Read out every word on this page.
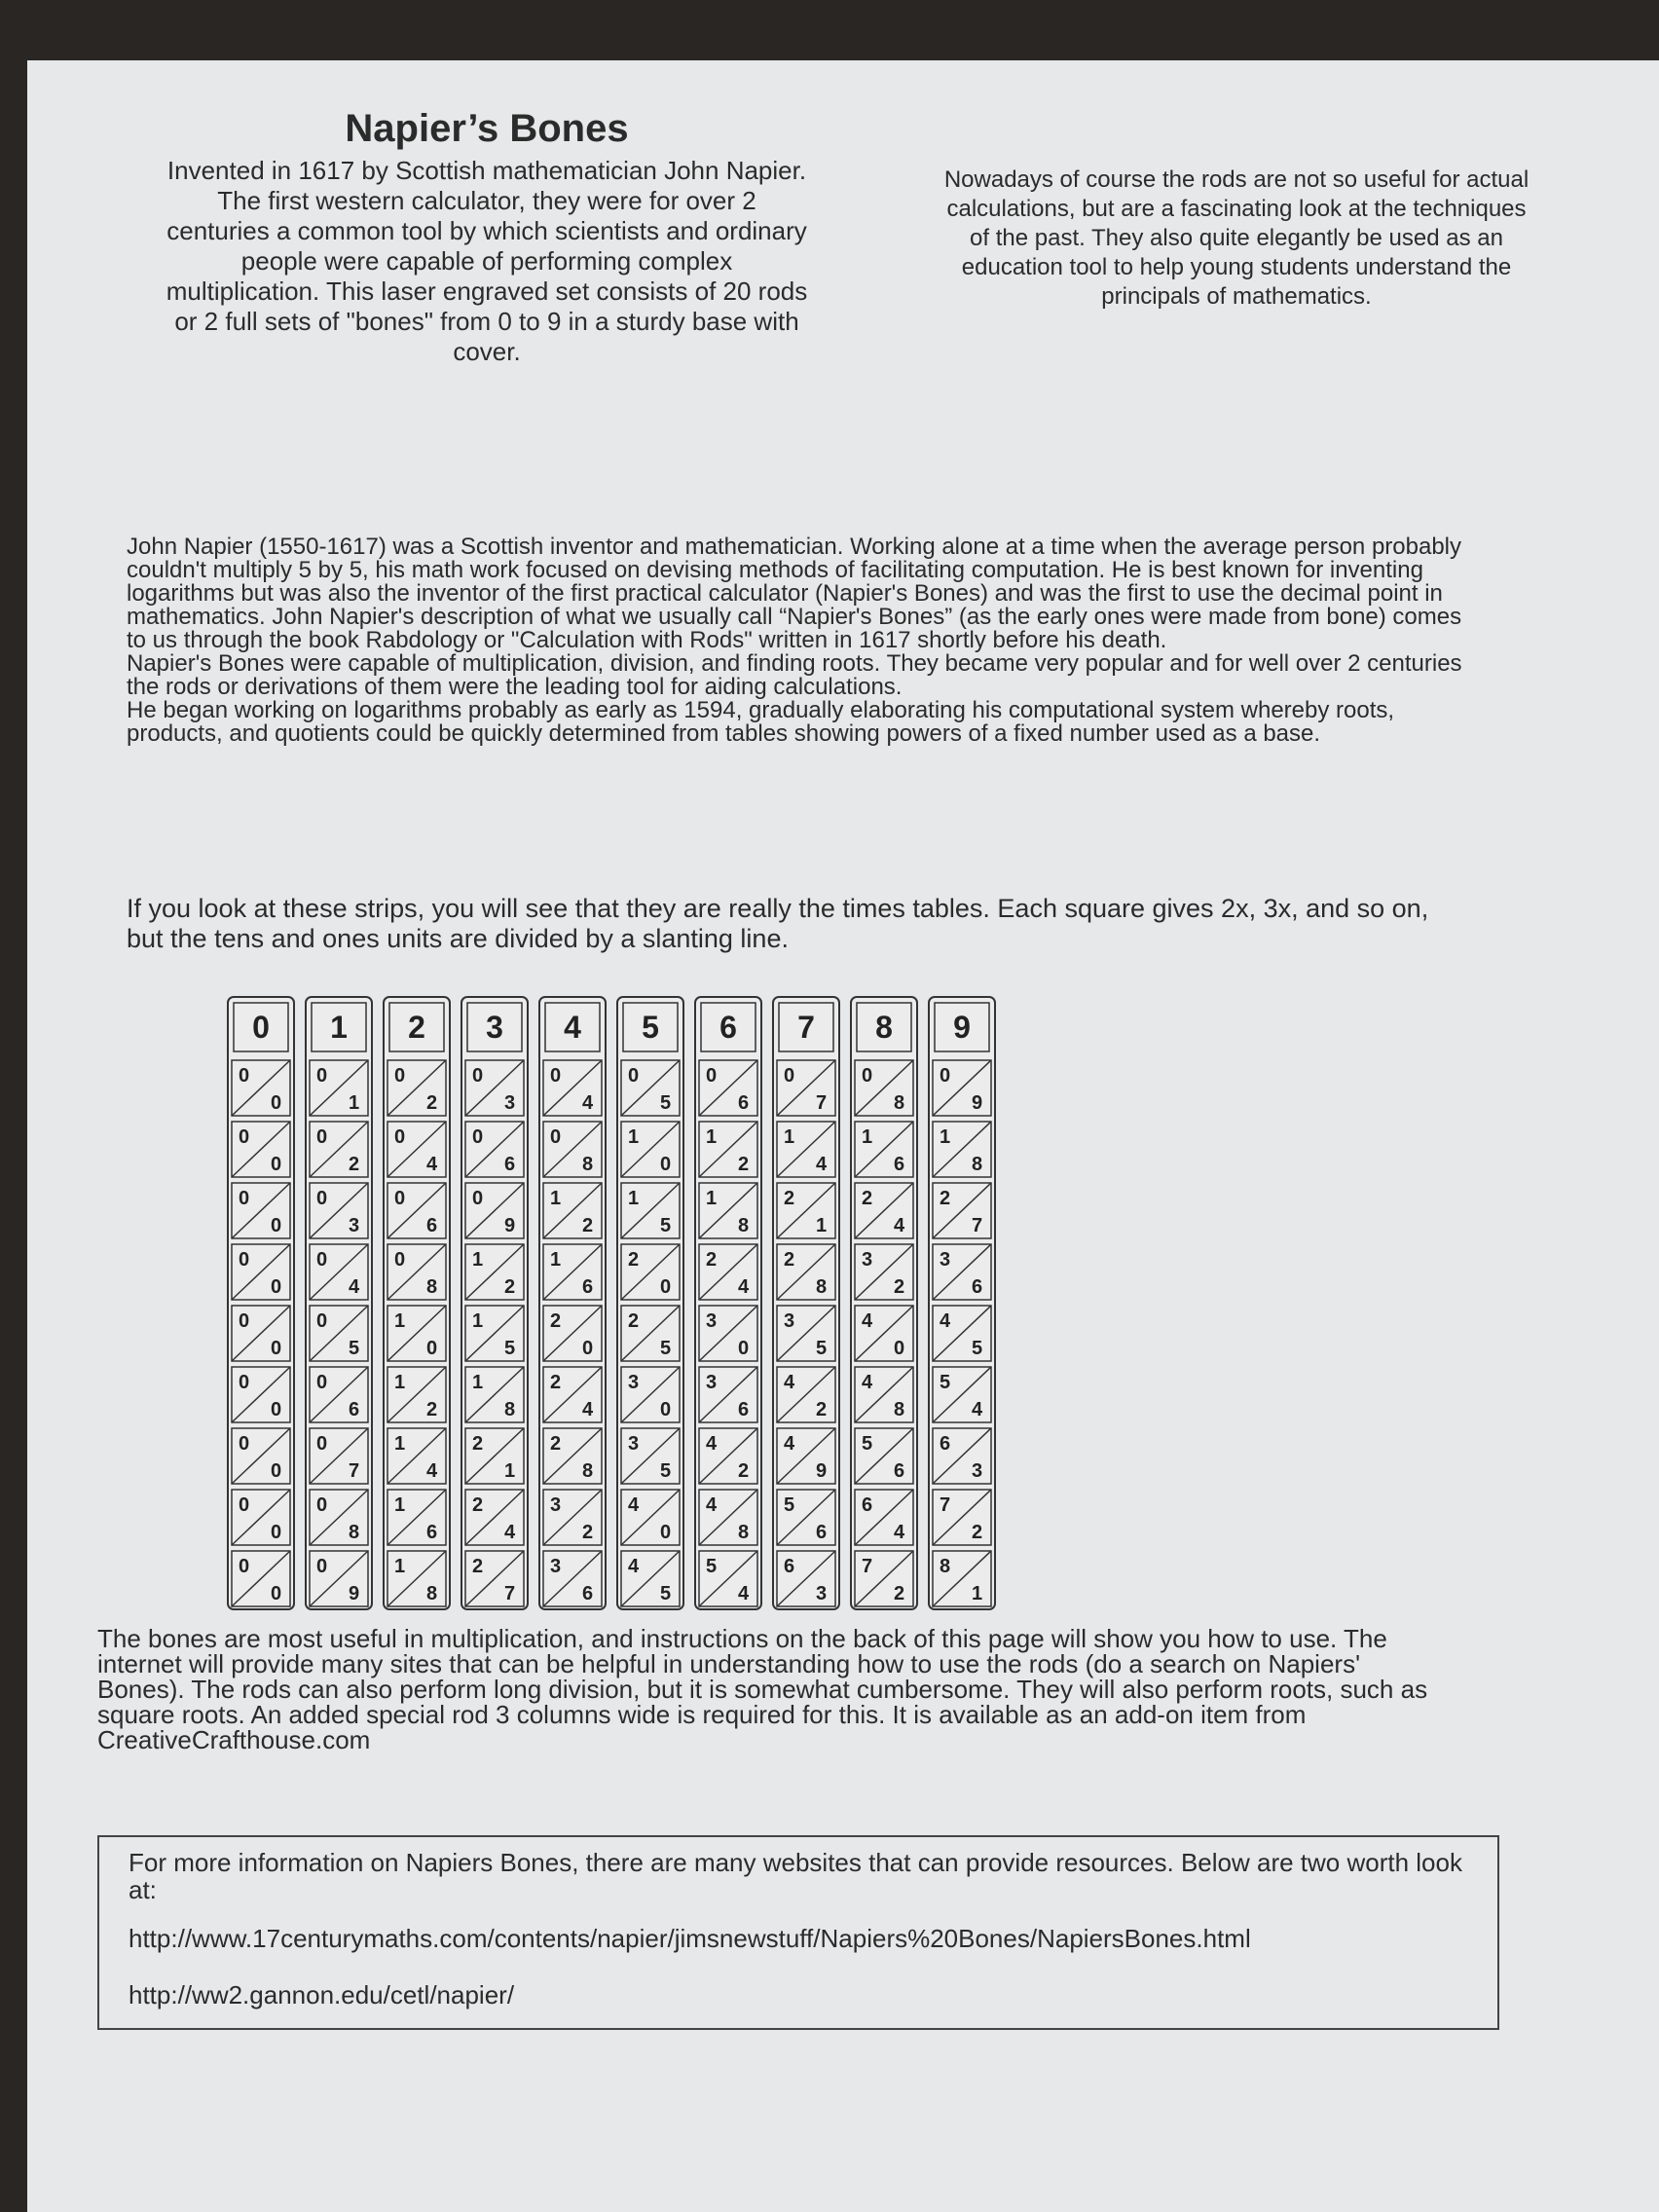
Napier’s Bones

Invented in 1617 by Scottish mathematician John Napier. The first western calculator, they were for over 2 centuries a common tool by which scientists and ordinary people were capable of performing complex multiplication. This laser engraved set consists of 20 rods or 2 full sets of "bones" from 0 to 9 in a sturdy base with cover.

Nowadays of course the rods are not so useful for actual calculations, but are a fascinating look at the techniques of the past. They also quite elegantly be used as an education tool to help young students understand the principals of mathematics.

John Napier (1550-1617) was a Scottish inventor and mathematician. Working alone at a time when the average person probably couldn't multiply 5 by 5, his math work focused on devising methods of facilitating computation. He is best known for inventing logarithms but was also the inventor of the first practical calculator (Napier's Bones) and was the first to use the decimal point in mathematics. John Napier's description of what we usually call “Napier's Bones” (as the early ones were made from bone) comes to us through the book Rabdology or "Calculation with Rods" written in 1617 shortly before his death.

Napier's Bones were capable of multiplication, division, and finding roots. They became very popular and for well over 2 centuries the rods or derivations of them were the leading tool for aiding calculations.

He began working on logarithms probably as early as 1594, gradually elaborating his computational system whereby roots, products, and quotients could be quickly determined from tables showing powers of a fixed number used as a base.

If you look at these strips, you will see that they are really the times tables. Each square gives 2x, 3x, and so on, but the tens and ones units are divided by a slanting line.

0
0
0
0
0
0
0
0
0
0
0
0
0
0
0
0
0
0
0
1
0
1
0
2
0
3
0
4
0
5
0
6
0
7
0
8
0
9
2
0
2
0
4
0
6
0
8
1
0
1
2
1
4
1
6
1
8
3
0
3
0
6
0
9
1
2
1
5
1
8
2
1
2
4
2
7
4
0
4
0
8
1
2
1
6
2
0
2
4
2
8
3
2
3
6
5
0
5
1
0
1
5
2
0
2
5
3
0
3
5
4
0
4
5
6
0
6
1
2
1
8
2
4
3
0
3
6
4
2
4
8
5
4
7
0
7
1
4
2
1
2
8
3
5
4
2
4
9
5
6
6
3
8
0
8
1
6
2
4
3
2
4
0
4
8
5
6
6
4
7
2
9
0
9
1
8
2
7
3
6
4
5
5
4
6
3
7
2
8
1

The bones are most useful in multiplication, and instructions on the back of this page will show you how to use. The internet will provide many sites that can be helpful in understanding how to use the rods (do a search on Napiers' Bones). The rods can also perform long division, but it is somewhat cumbersome. They will also perform roots, such as square roots. An added special rod 3 columns wide is required for this. It is available as an add-on item from CreativeCrafthouse.com

For more information on Napiers Bones, there are many websites that can provide resources. Below are two worth look at:

http://www.17centurymaths.com/contents/napier/jimsnewstuff/Napiers%20Bones/NapiersBones.html

http://ww2.gannon.edu/cetl/napier/
